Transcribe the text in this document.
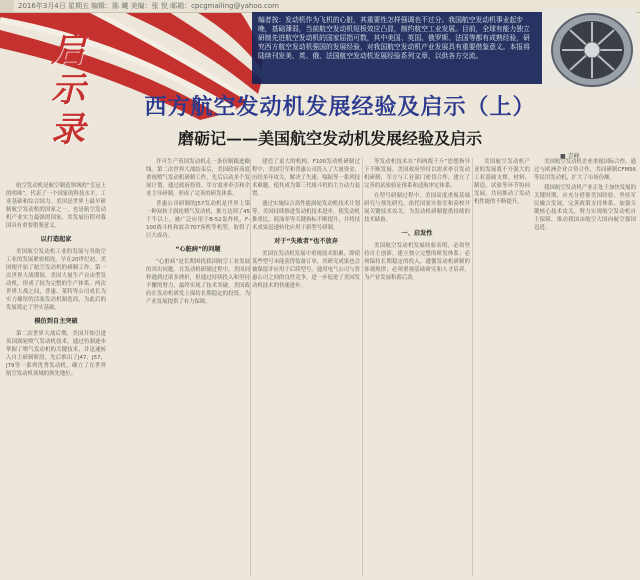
2016年3月4日 星期五 编辑：陈 曦 美编：张 悦 邮箱：cpcgmailing@yahoo.com
启
示
录
编者按：发动机作为飞机的心脏，其重要性怎样强调也不过分。我国航空发动机事业起步晚，基础薄弱，当前航空发动机短板效应凸显，制约航空工业发展。目前，全球有能力独立研制先进航空发动机的国家屈指可数，其中美国、英国、俄罗斯、法国等都有成熟经验，研究西方航空发动机强国的发展经验，对我国航空发动机产业发展具有重要借鉴意义。本报将陆续刊发美、英、俄、法国航空发动机发展经验系列文章，以供各方交流。
西方航空发动机发展经验及启示（上）
磨砺记——美国航空发动机发展经验及启示
■ 青峰

航空发动机是航空制造领域的“皇冠上的明珠”，代表了一个国家的科技水平、工业基础和综合国力。美国是世界上最早研制航空发动机的国家之一，也是航空发动机产业实力最强的国家，其发展历程对我国具有重要借鉴意义。

以打造起家

美国航空发动机工业的发展与其航空工业的发展紧密相连。早在20世纪初，美国便开始了航空发动机的研制工作。第一次世界大战期间，美国大量生产自由型发动机，形成了较为完整的生产体系。两次世界大战之间，普惠、莱特等公司成长为实力雄厚的活塞发动机制造商，为此后的发展奠定了坚实基础。

模仿到自主突破

第二次世界大战后期，美国开始引进英国涡轮喷气发动机技术，通过仿制逐步掌握了喷气发动机的关键技术，并迅速转入自主研制阶段，先后推出了J47、J57、J79等一系列优秀发动机，确立了在世界航空发动机领域的领先地位。

许可生产英国发动机走一条仿制跟进路线。第二次世界大战结束后，美国政府高度重视喷气发动机研制工作，先后启动多个发展计划，通过政府投资、军方需求牵引和企业主导研制，形成了完善的研发体系。

普惠公司研制的J57发动机是世界上第一种双转子涡轮喷气发动机，推力达到了45千牛以上，被广泛应用于B-52轰炸机、F-100战斗机和波音707客机等机型，取得了巨大成功。

“心脏病”的问题

“心脏病”是长期困扰我国航空工业发展的突出问题。在发动机研制过程中，美国同样遇到过诸多挫折，但通过持续投入和坚持不懈的努力，最终实现了技术突破。美国政府在发动机研发上保持长期稳定的投资，为产业发展提供了有力保障。

建造了更大的机构。F100发动机研制过程中，美国空军和普惠公司投入了大量资金，历经多年攻关，解决了失速、喘振等一系列技术难题，使其成为第三代战斗机的主力动力装置。

通过实施综合高性能涡轮发动机技术计划等，美国持续推进发动机技术进步，使发动机推重比、耗油率等关键指标不断提升，并将技术成果迅速转化应用于新型号研制。

对于“失败者”也不放弃

美国在发动机发展中重视技术积累，即使某些型号未能获得装备订单，其研究成果也会被保留并应用于后续型号。通用电气公司与普惠公司之间的良性竞争，进一步促进了美国发动机技术的快速进步。

等发动机技术在“四两拨千斤”思想指导下不断发展，美国政府坚持以需求牵引发动机研制，军方与工业部门密切合作，建立了完善的试验验证体系和适航审定体系。

在型号研制过程中，美国高度重视基础研究与预先研究，依托国家实验室和高校开展关键技术攻关，为发动机研制提供持续的技术储备。

一、启发性

美国航空发动机发展经验表明，必须坚持自主创新，建立独立完整的研发体系；必须保持长期稳定的投入，遵循发动机研制的客观规律；必须重视基础研究和人才培养，为产业发展积蓄后劲。

美国航空发动机产业的发展离不开强大的工业基础支撑，材料、制造、试验等环节协同发展，共同推动了发动机性能的不断提升。

美国航空发动机企业重视国际合作，通过与欧洲企业合资合作，共同研制CFM56等民用发动机，扩大了市场份额。

我国航空发动机产业正处于加快发展的关键时期，应充分借鉴美国经验，坚持军民融合发展，完善政策支持体系，加强关键核心技术攻关，努力实现航空发动机自主保障，推动我国由航空大国向航空强国迈进。
